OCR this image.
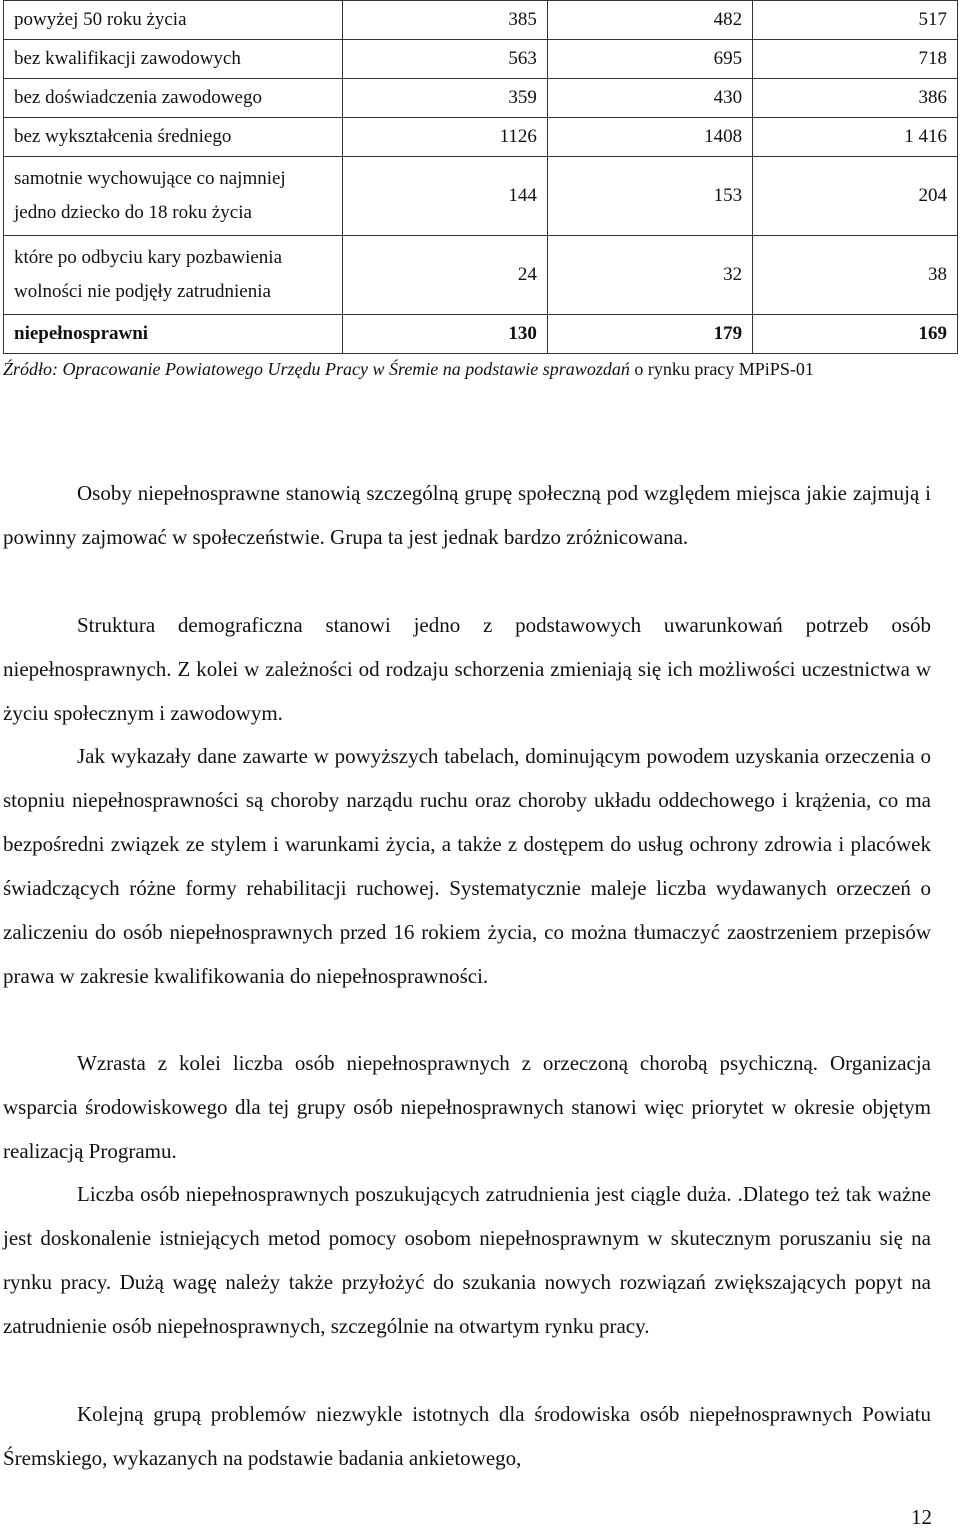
powyżej 50 roku życia	385	482	517
bez kwalifikacji zawodowych	563	695	718
bez doświadczenia zawodowego	359	430	386
bez wykształcenia średniego	1126	1408	1 416
samotnie wychowujące co najmniej jedno dziecko do 18 roku życia	144	153	204
które po odbyciu kary pozbawienia wolności nie podjęły zatrudnienia	24	32	38
niepełnosprawni	130	179	169
Źródło: Opracowanie Powiatowego Urzędu Pracy w Śremie na podstawie sprawozdań o rynku pracy MPiPS-01

Osoby niepełnosprawne stanowią szczególną grupę społeczną pod względem miejsca jakie zajmują i powinny zajmować w społeczeństwie. Grupa ta jest jednak bardzo zróżnicowana.

Struktura demograficzna stanowi jedno z podstawowych uwarunkowań potrzeb osób niepełnosprawnych. Z kolei w zależności od rodzaju schorzenia zmieniają się ich możliwości uczestnictwa w życiu społecznym i zawodowym.

Jak wykazały dane zawarte w powyższych tabelach, dominującym powodem uzyskania orzeczenia o stopniu niepełnosprawności są choroby narządu ruchu oraz choroby układu oddechowego i krążenia, co ma bezpośredni związek ze stylem i warunkami życia, a także z dostępem do usług ochrony zdrowia i placówek świadczących różne formy rehabilitacji ruchowej. Systematycznie maleje liczba wydawanych orzeczeń o zaliczeniu do osób niepełnosprawnych przed 16 rokiem życia, co można tłumaczyć zaostrzeniem przepisów prawa w zakresie kwalifikowania do niepełnosprawności.

Wzrasta z kolei liczba osób niepełnosprawnych z orzeczoną chorobą psychiczną. Organizacja wsparcia środowiskowego dla tej grupy osób niepełnosprawnych stanowi więc priorytet w okresie objętym realizacją Programu.

Liczba osób niepełnosprawnych poszukujących zatrudnienia jest ciągle duża. .Dlatego też tak ważne jest doskonalenie istniejących metod pomocy osobom niepełnosprawnym w skutecznym poruszaniu się na rynku pracy. Dużą wagę należy także przyłożyć do szukania nowych rozwiązań zwiększających popyt na zatrudnienie osób niepełnosprawnych, szczególnie na otwartym rynku pracy.

Kolejną grupą problemów niezwykle istotnych dla środowiska osób niepełnosprawnych Powiatu Śremskiego, wykazanych na podstawie badania ankietowego,

12
